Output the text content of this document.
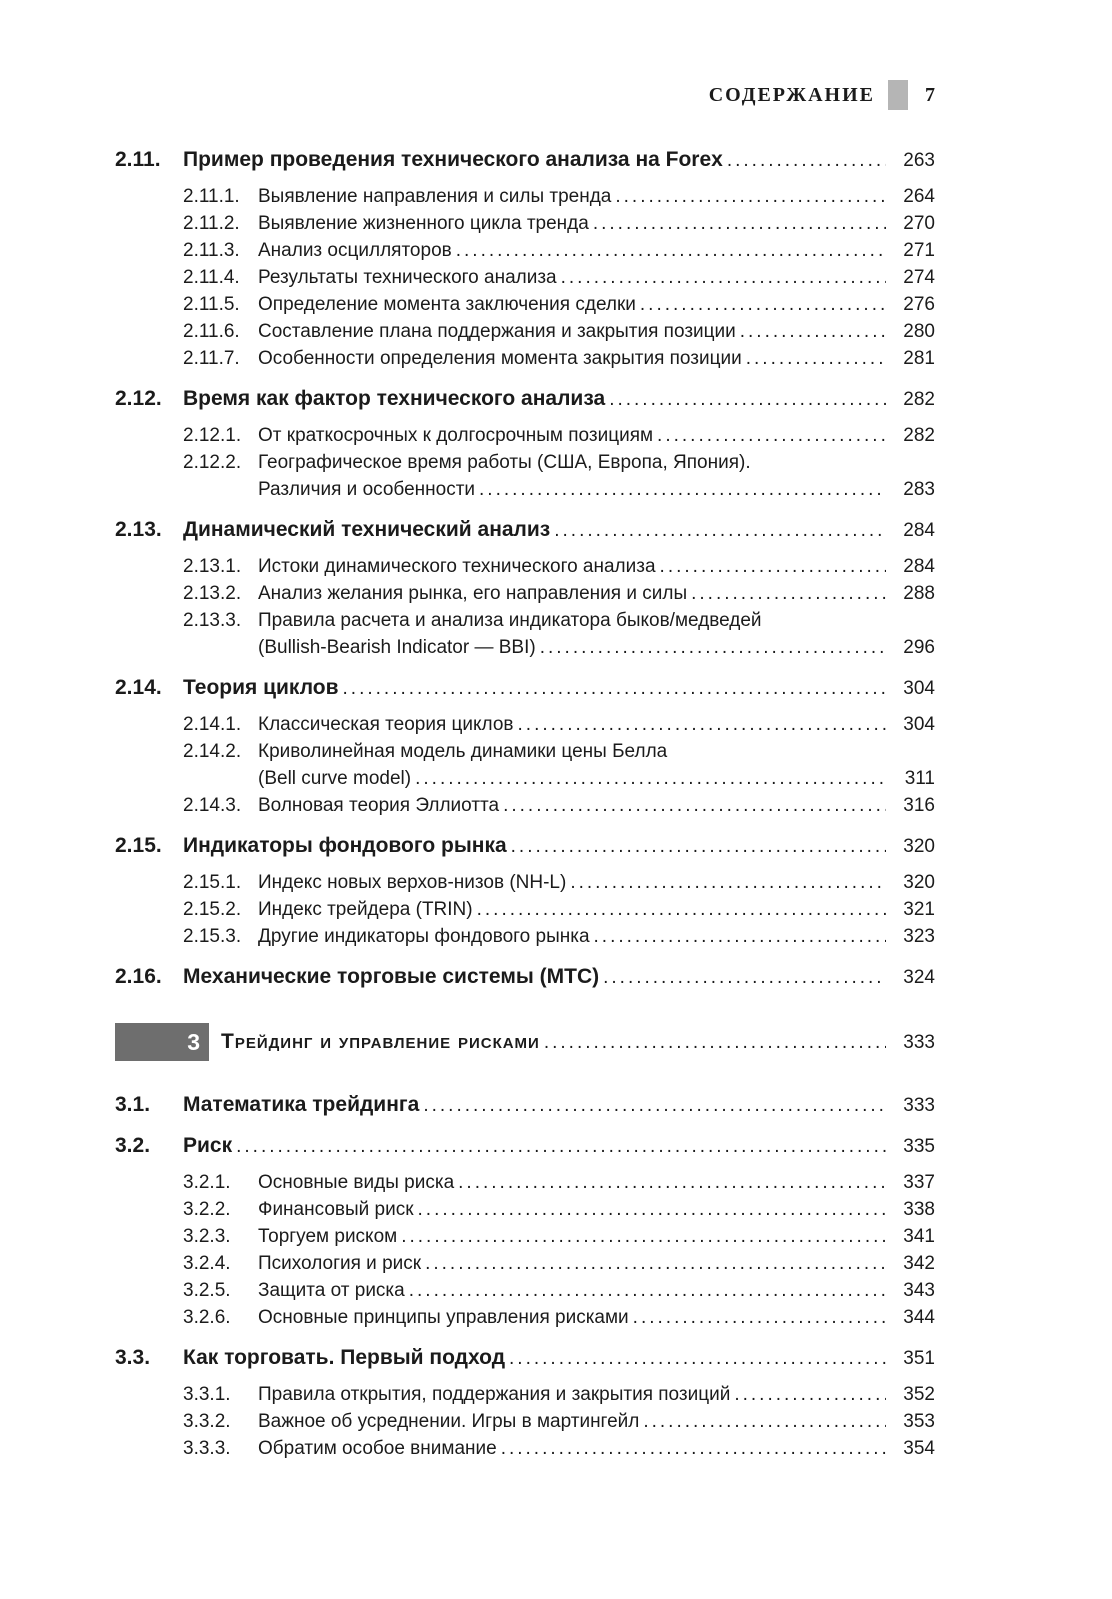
СОДЕРЖАНИЕ	7
2.11.	Пример проведения технического анализа на Forex .....	263
2.11.1. Выявление направления и силы тренда .....	264
2.11.2. Выявление жизненного цикла тренда .....	270
2.11.3. Анализ осцилляторов .....	271
2.11.4. Результаты технического анализа .....	274
2.11.5. Определение момента заключения сделки .....	276
2.11.6. Составление плана поддержания и закрытия позиции .....	280
2.11.7. Особенности определения момента закрытия позиции .....	281
2.12.	Время как фактор технического анализа .....	282
2.12.1. От краткосрочных к долгосрочным позициям .....	282
2.12.2. Географическое время работы (США, Европа, Япония).
Различия и особенности .....	283
2.13.	Динамический технический анализ .....	284
2.13.1. Истоки динамического технического анализа .....	284
2.13.2. Анализ желания рынка, его направления и силы .....	288
2.13.3. Правила расчета и анализа индикатора быков/медведей
(Bullish-Bearish Indicator — BBI) .....	296
2.14.	Теория циклов .....	304
2.14.1. Классическая теория циклов .....	304
2.14.2. Криволинейная модель динамики цены Белла
(Bell curve model) .....	311
2.14.3. Волновая теория Эллиотта .....	316
2.15.	Индикаторы фондового рынка .....	320
2.15.1. Индекс новых верхов-низов (NH-L) .....	320
2.15.2. Индекс трейдера (TRIN) .....	321
2.15.3. Другие индикаторы фондового рынка .....	323
2.16.	Механические торговые системы (МТС) .....	324
3 Трейдинг и управление рисками .....	333
3.1.	Математика трейдинга .....	333
3.2.	Риск .....	335
3.2.1.	Основные виды риска .....	337
3.2.2.	Финансовый риск .....	338
3.2.3.	Торгуем риском .....	341
3.2.4.	Психология и риск .....	342
3.2.5.	Защита от риска .....	343
3.2.6.	Основные принципы управления рисками .....	344
3.3.	Как торговать. Первый подход .....	351
3.3.1.	Правила открытия, поддержания и закрытия позиций .....	352
3.3.2.	Важное об усреднении. Игры в мартингейл .....	353
3.3.3.	Обратим особое внимание .....	354
